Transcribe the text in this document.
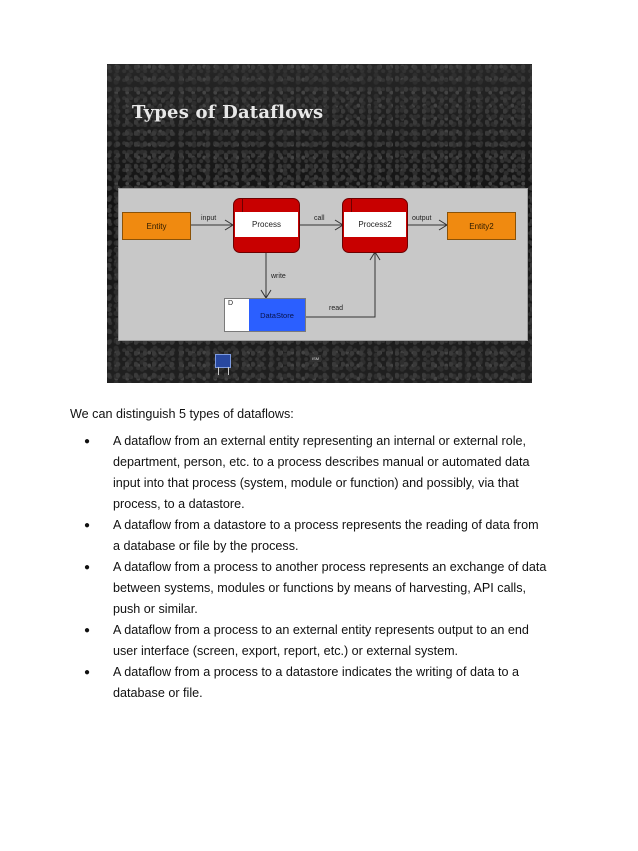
Types of Dataflows
Entity	Process	Process2	Entity2
D
DataStore
input	call	output
write
read
ISM

We can distinguish 5 types of dataflows:

● A dataflow from an external entity representing an internal or external role,
department, person, etc. to a process describes manual or automated data
input into that process (system, module or function) and possibly, via that
process, to a datastore.
● A dataflow from a datastore to a process represents the reading of data from
a database or file by the process.
● A dataflow from a process to another process represents an exchange of data
between systems, modules or functions by means of harvesting, API calls,
push or similar.
● A dataflow from a process to an external entity represents output to an end
user interface (screen, export, report, etc.) or external system.
● A dataflow from a process to a datastore indicates the writing of data to a
database or file.
